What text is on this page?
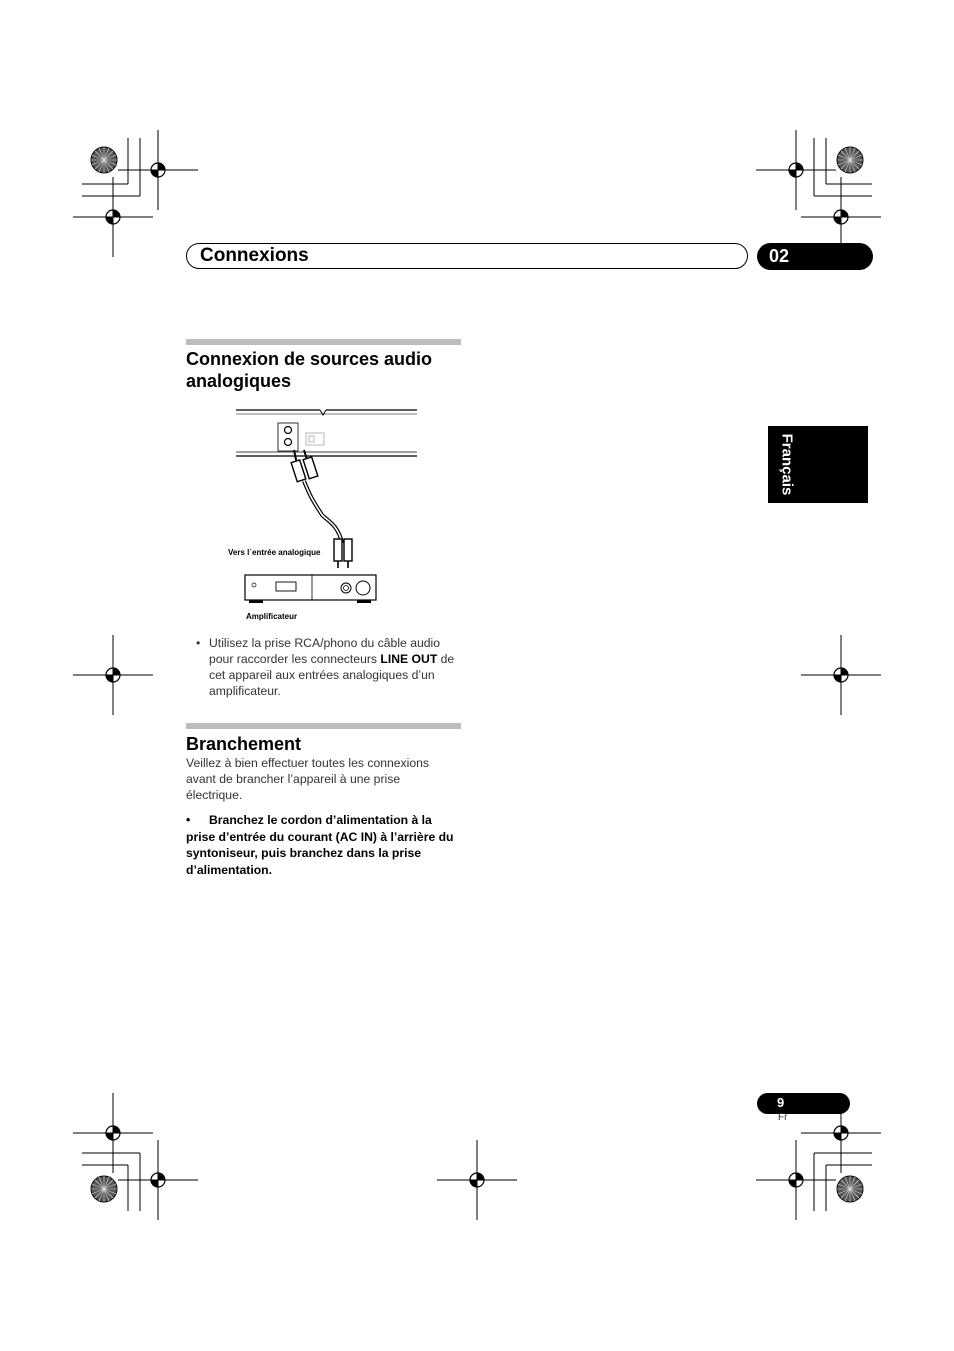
Connexions	02
Français
Connexion de sources audio
analogiques
Vers l´entrée analogique
Amplificateur
• Utilisez la prise RCA/phono du câble audio pour raccorder les connecteurs LINE OUT de cet appareil aux entrées analogiques d’un amplificateur.
Branchement
Veillez à bien effectuer toutes les connexions avant de brancher l’appareil à une prise électrique.
• Branchez le cordon d’alimentation à la prise d’entrée du courant (AC IN) à l’arrière du syntoniseur, puis branchez dans la prise d’alimentation.
9
Fr
